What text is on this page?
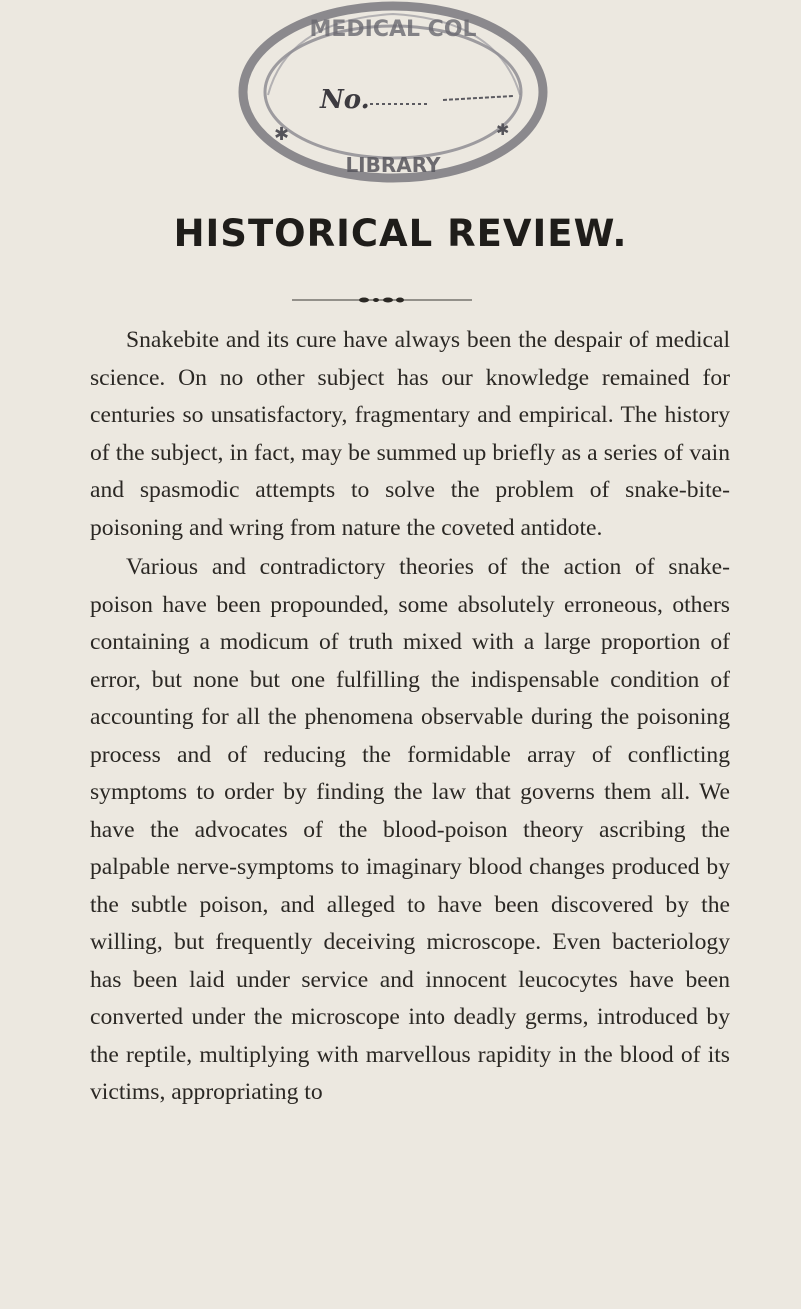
MEDICAL COL
No.
LIBRARY
✱	✱
HISTORICAL REVIEW.

Snakebite and its cure have always been the despair of medical science. On no other subject has our knowledge remained for centuries so unsatisfactory, fragmentary and empirical. The history of the subject, in fact, may be summed up briefly as a series of vain and spasmodic attempts to solve the problem of snake-bite-poisoning and wring from nature the coveted antidote.

Various and contradictory theories of the action of snake-poison have been propounded, some absolutely erroneous, others containing a modicum of truth mixed with a large proportion of error, but none but one fulfilling the indispensable condition of accounting for all the phenomena observable during the poisoning process and of reducing the formidable array of conflicting symptoms to order by finding the law that governs them all. We have the advocates of the blood-poison theory ascribing the palpable nerve-symptoms to imaginary blood changes produced by the subtle poison, and alleged to have been discovered by the willing, but frequently deceiving microscope. Even bacteriology has been laid under service and innocent leucocytes have been converted under the microscope into deadly germs, introduced by the reptile, multiplying with marvellous rapidity in the blood of its victims, appropriating to
